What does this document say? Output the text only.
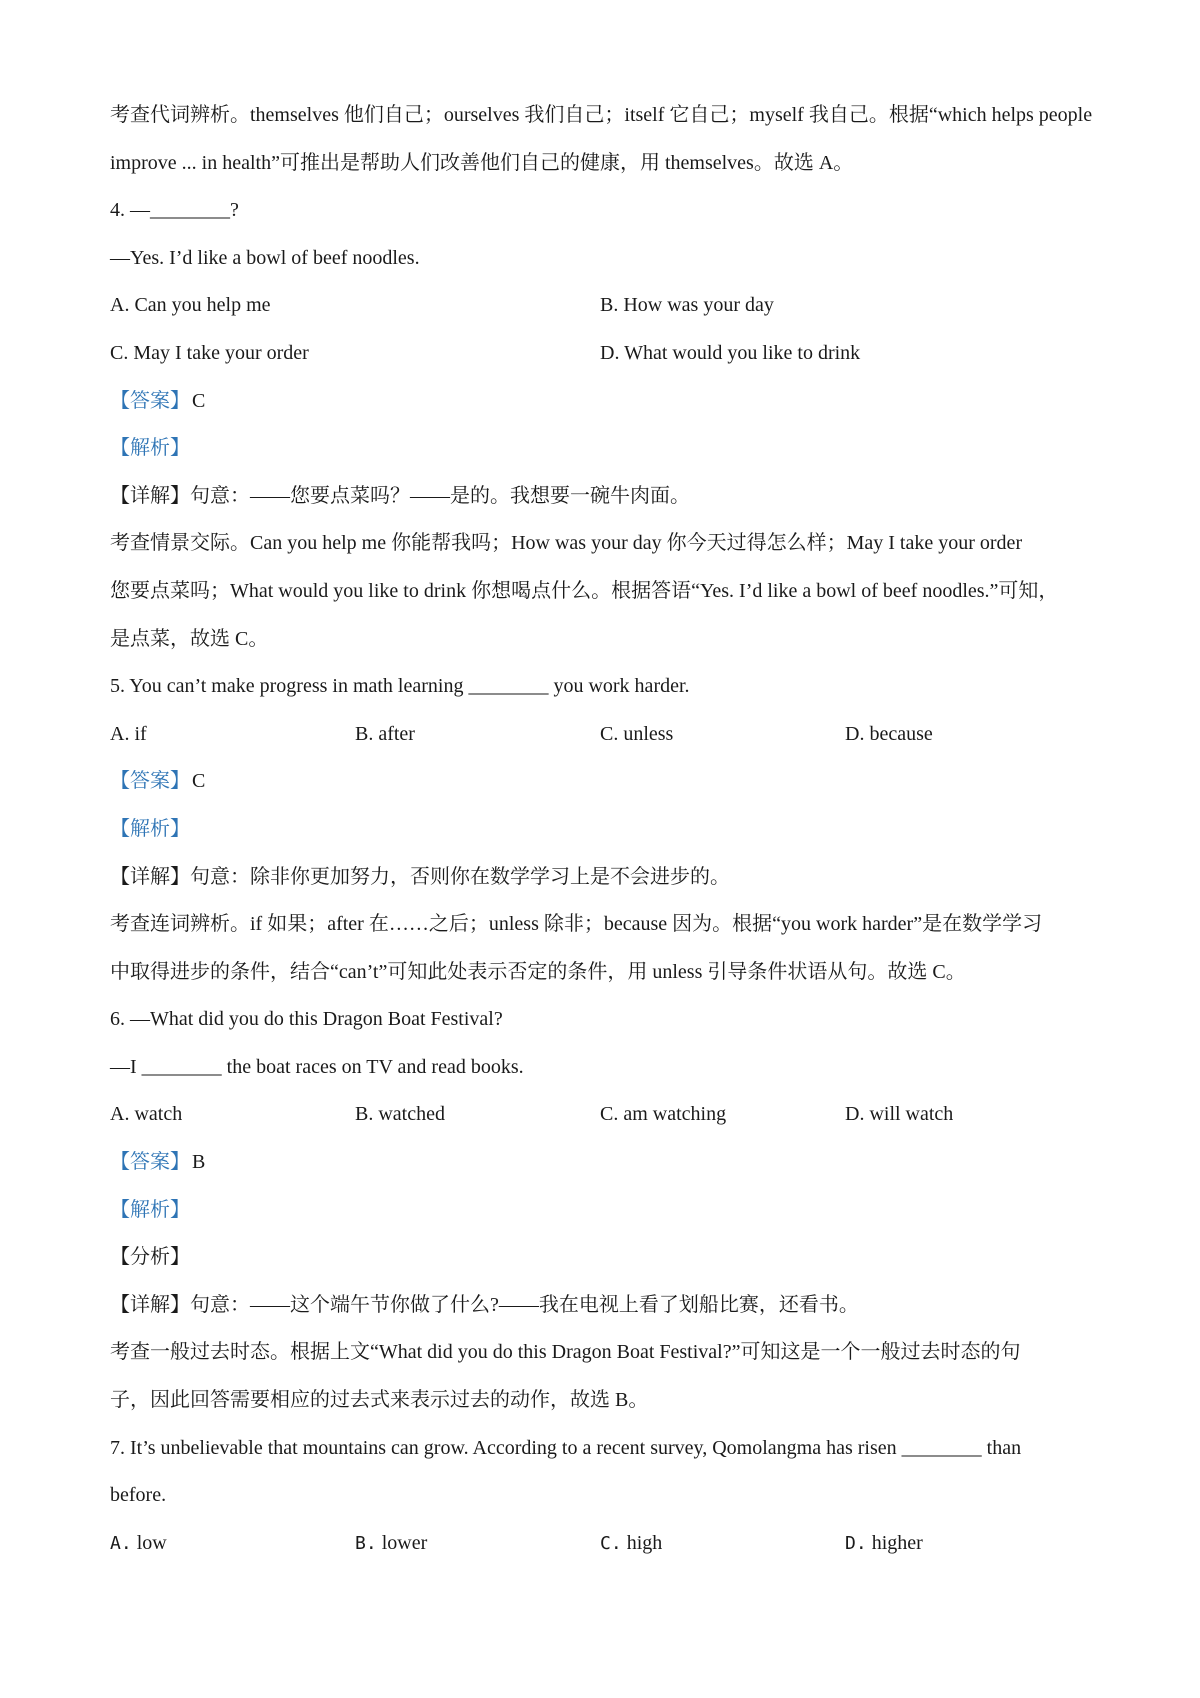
考查代词辨析。themselves 他们自己；ourselves 我们自己；itself 它自己；myself 我自己。根据“which helps people
improve ... in health”可推出是帮助人们改善他们自己的健康，用 themselves。故选 A。
4. —________?
—Yes. I’d like a bowl of beef noodles.
A. Can you help me	B. How was your day
C. May I take your order	D. What would you like to drink
【答案】 C
【解析】
【详解】句意：——您要点菜吗？——是的。我想要一碗牛肉面。
考查情景交际。Can you help me 你能帮我吗；How was your day 你今天过得怎么样；May I take your order
您要点菜吗；What would you like to drink 你想喝点什么。根据答语“Yes. I’d like a bowl of beef noodles.”可知，
是点菜，故选 C。
5. You can’t make progress in math learning ________ you work harder.
A. if	B. after	C. unless	D. because
【答案】 C
【解析】
【详解】句意：除非你更加努力，否则你在数学学习上是不会进步的。
考查连词辨析。if 如果；after 在……之后；unless 除非；because 因为。根据“you work harder”是在数学学习
中取得进步的条件，结合“can’t”可知此处表示否定的条件，用 unless 引导条件状语从句。故选 C。
6. —What did you do this Dragon Boat Festival?
—I ________ the boat races on TV and read books.
A. watch	B. watched	C. am watching	D. will watch
【答案】 B
【解析】
【分析】
【详解】句意：——这个端午节你做了什么?——我在电视上看了划船比赛，还看书。
考查一般过去时态。根据上文“What did you do this Dragon Boat Festival?”可知这是一个一般过去时态的句
子，因此回答需要相应的过去式来表示过去的动作，故选 B。
7. It’s unbelievable that mountains can grow. According to a recent survey, Qomolangma has risen ________ than
before.
A. low	B. lower	C. high	D. higher
